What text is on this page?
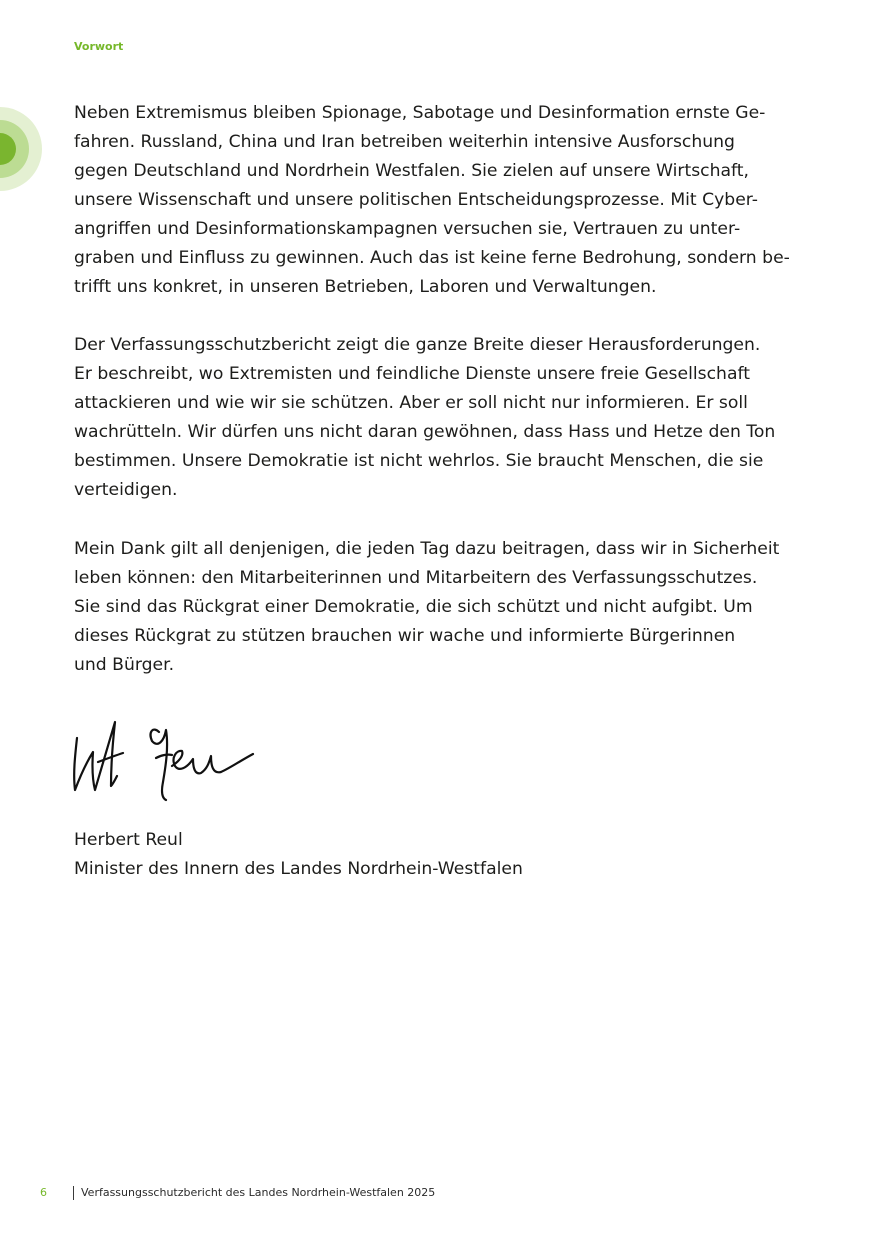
Vorwort
Neben Extremismus bleiben Spionage, Sabotage und Desinformation ernste Ge-
fahren. Russland, China und Iran betreiben weiterhin intensive Ausforschung
gegen Deutschland und Nordrhein Westfalen. Sie zielen auf unsere Wirtschaft,
unsere Wissenschaft und unsere politischen Entscheidungsprozesse. Mit Cyber-
angriffen und Desinformationskampagnen versuchen sie, Vertrauen zu unter-
graben und Einfluss zu gewinnen. Auch das ist keine ferne Bedrohung, sondern be-
trifft uns konkret, in unseren Betrieben, Laboren und Verwaltungen.
Der Verfassungsschutzbericht zeigt die ganze Breite dieser Herausforderungen.
Er beschreibt, wo Extremisten und feindliche Dienste unsere freie Gesellschaft
attackieren und wie wir sie schützen. Aber er soll nicht nur informieren. Er soll
wachrütteln. Wir dürfen uns nicht daran gewöhnen, dass Hass und Hetze den Ton
bestimmen. Unsere Demokratie ist nicht wehrlos. Sie braucht Menschen, die sie
verteidigen.
Mein Dank gilt all denjenigen, die jeden Tag dazu beitragen, dass wir in Sicherheit
leben können: den Mitarbeiterinnen und Mitarbeitern des Verfassungsschutzes.
Sie sind das Rückgrat einer Demokratie, die sich schützt und nicht aufgibt. Um
dieses Rückgrat zu stützen brauchen wir wache und informierte Bürgerinnen
und Bürger.
Herbert Reul
Minister des Innern des Landes Nordrhein-Westfalen
6	Verfassungsschutzbericht des Landes Nordrhein-Westfalen 2025
